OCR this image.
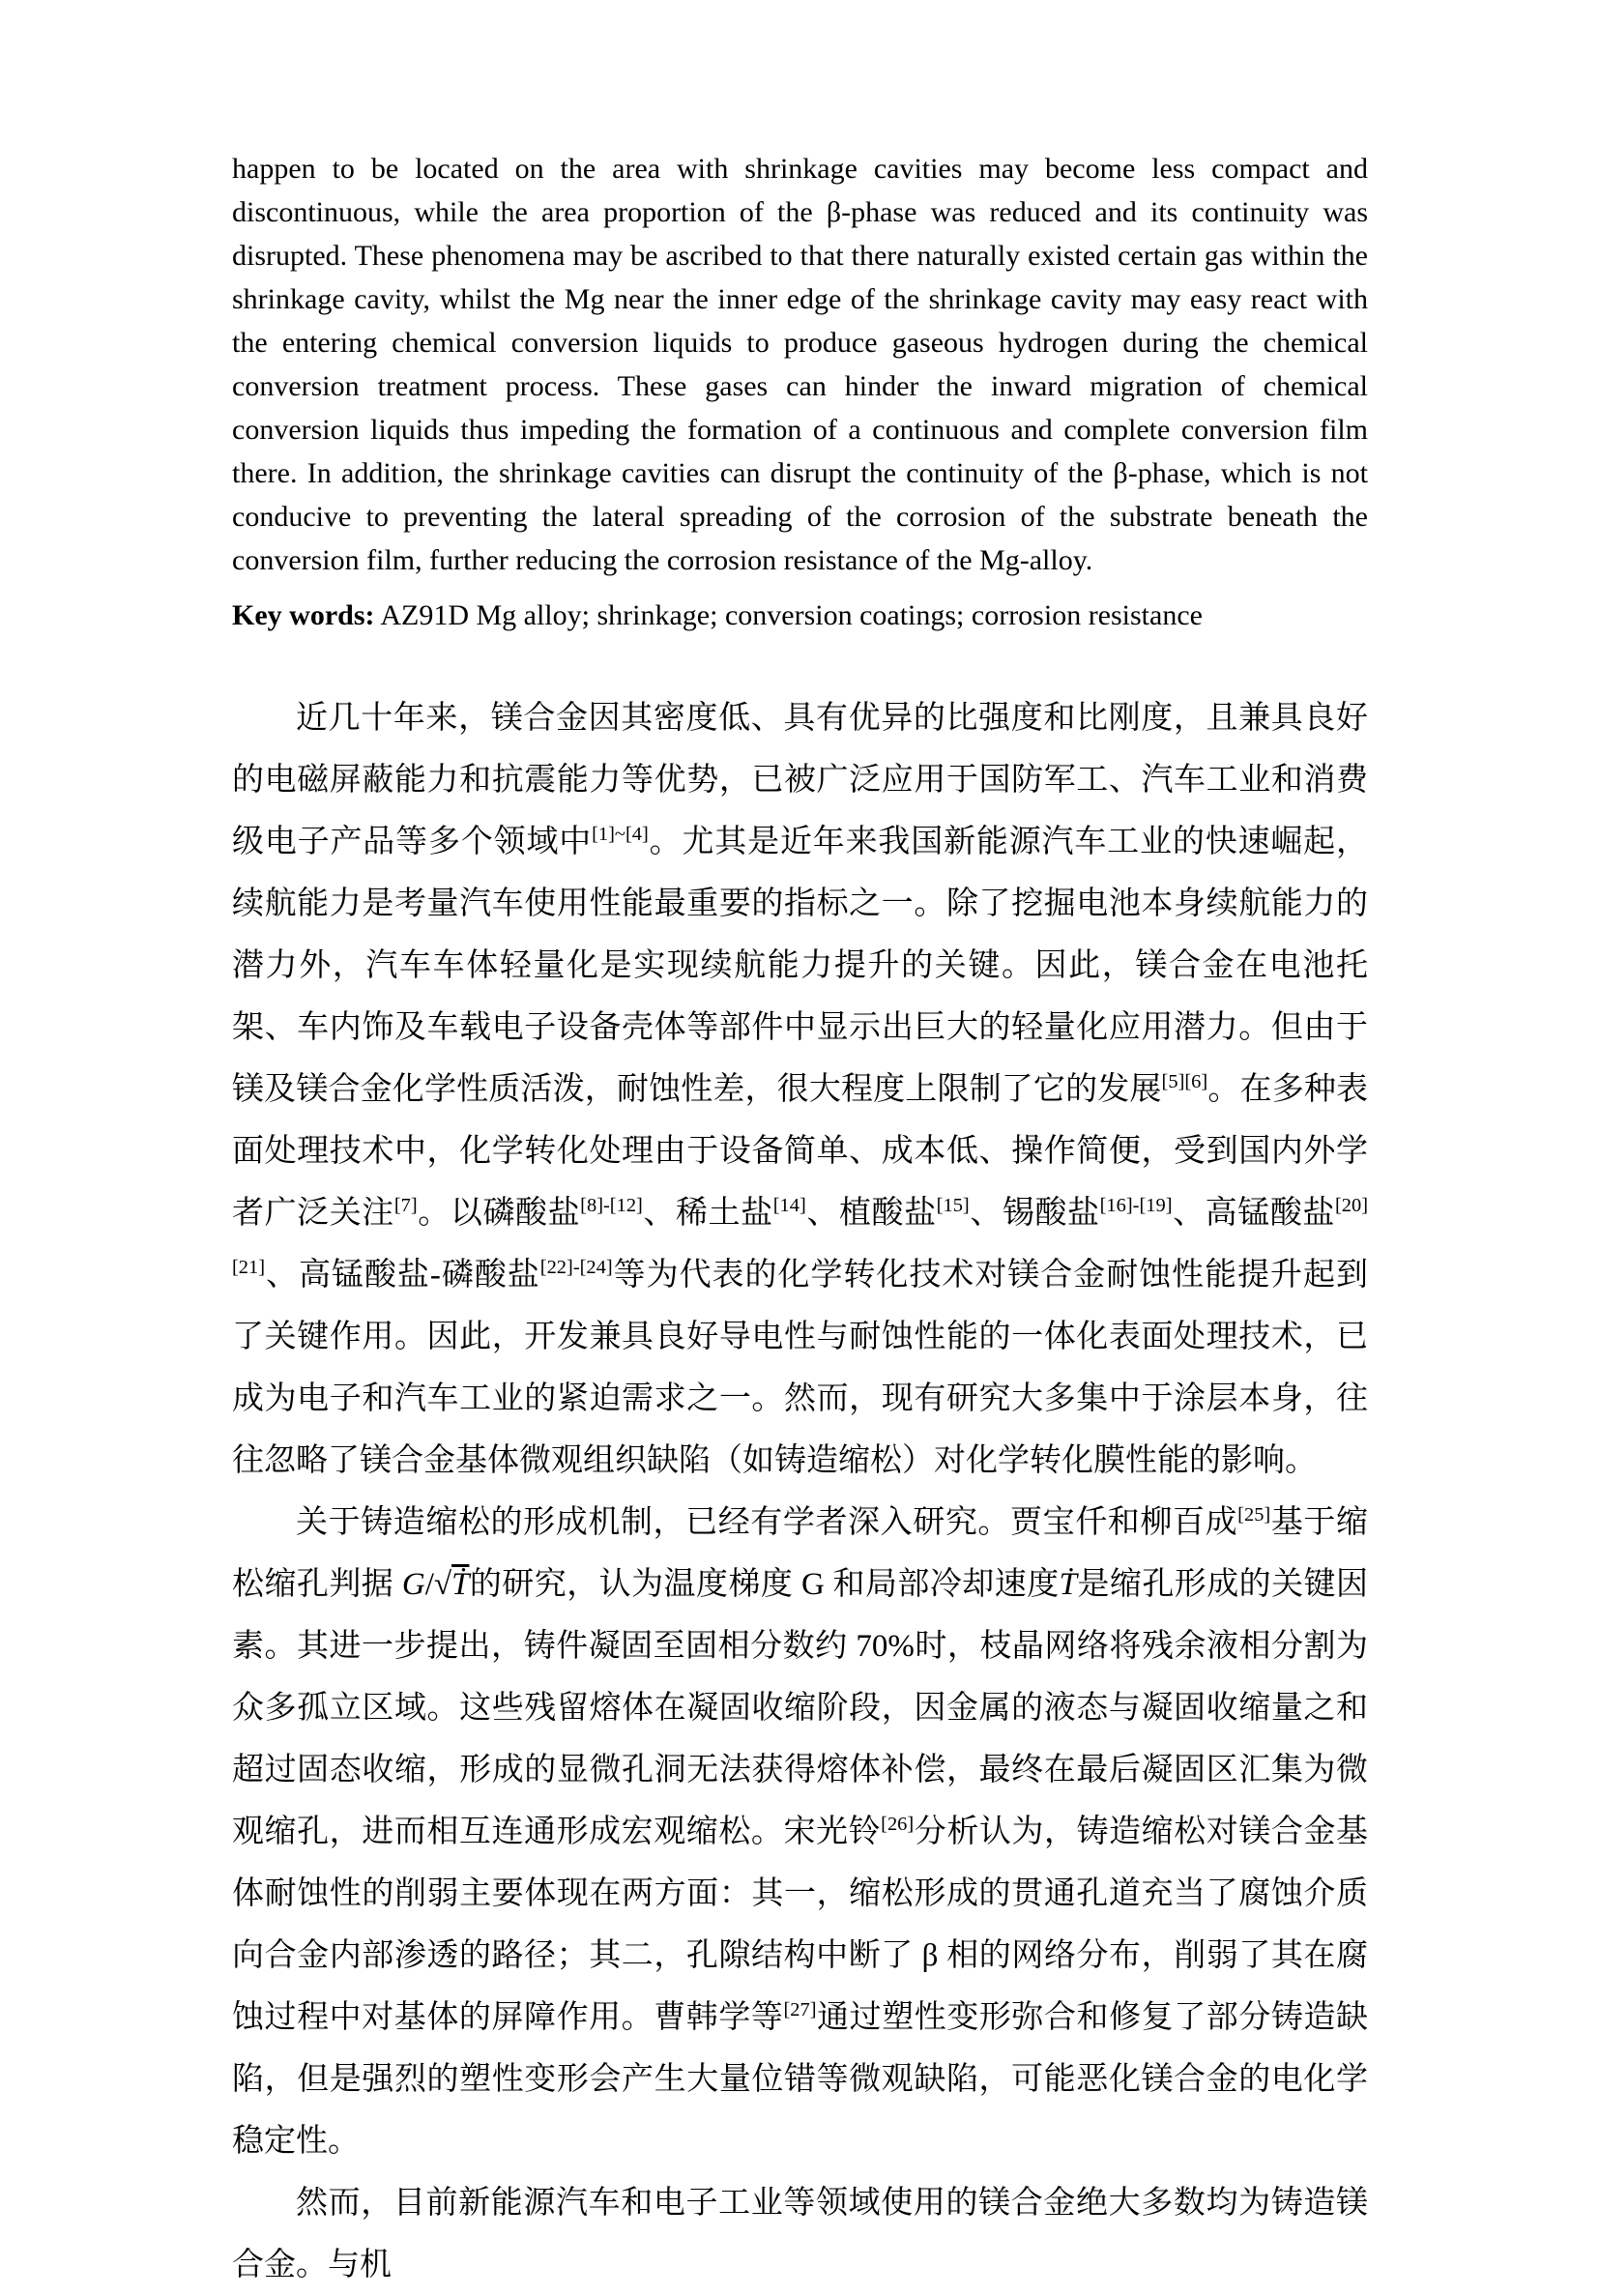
happen to be located on the area with shrinkage cavities may become less compact and discontinuous, while the area proportion of the β-phase was reduced and its continuity was disrupted. These phenomena may be ascribed to that there naturally existed certain gas within the shrinkage cavity, whilst the Mg near the inner edge of the shrinkage cavity may easy react with the entering chemical conversion liquids to produce gaseous hydrogen during the chemical conversion treatment process. These gases can hinder the inward migration of chemical conversion liquids thus impeding the formation of a continuous and complete conversion film there. In addition, the shrinkage cavities can disrupt the continuity of the β-phase, which is not conducive to preventing the lateral spreading of the corrosion of the substrate beneath the conversion film, further reducing the corrosion resistance of the Mg-alloy.

Key words: AZ91D Mg alloy; shrinkage; conversion coatings; corrosion resistance

近几十年来，镁合金因其密度低、具有优异的比强度和比刚度，且兼具良好的电磁屏蔽能力和抗震能力等优势，已被广泛应用于国防军工、汽车工业和消费级电子产品等多个领域中[1]~[4]。尤其是近年来我国新能源汽车工业的快速崛起，续航能力是考量汽车使用性能最重要的指标之一。除了挖掘电池本身续航能力的潜力外，汽车车体轻量化是实现续航能力提升的关键。因此，镁合金在电池托架、车内饰及车载电子设备壳体等部件中显示出巨大的轻量化应用潜力。但由于镁及镁合金化学性质活泼，耐蚀性差，很大程度上限制了它的发展[5][6]。在多种表面处理技术中，化学转化处理由于设备简单、成本低、操作简便，受到国内外学者广泛关注[7]。以磷酸盐[8]-[12]、稀土盐[14]、植酸盐[15]、锡酸盐[16]-[19]、高锰酸盐[20][21]、高锰酸盐-磷酸盐[22]-[24]等为代表的化学转化技术对镁合金耐蚀性能提升起到了关键作用。因此，开发兼具良好导电性与耐蚀性能的一体化表面处理技术，已成为电子和汽车工业的紧迫需求之一。然而，现有研究大多集中于涂层本身，往往忽略了镁合金基体微观组织缺陷（如铸造缩松）对化学转化膜性能的影响。

关于铸造缩松的形成机制，已经有学者深入研究。贾宝仟和柳百成[25]基于缩松缩孔判据 G/√Ṫ的研究，认为温度梯度 G 和局部冷却速度Ṫ是缩孔形成的关键因素。其进一步提出，铸件凝固至固相分数约 70%时，枝晶网络将残余液相分割为众多孤立区域。这些残留熔体在凝固收缩阶段，因金属的液态与凝固收缩量之和超过固态收缩，形成的显微孔洞无法获得熔体补偿，最终在最后凝固区汇集为微观缩孔，进而相互连通形成宏观缩松。宋光铃[26]分析认为，铸造缩松对镁合金基体耐蚀性的削弱主要体现在两方面：其一，缩松形成的贯通孔道充当了腐蚀介质向合金内部渗透的路径；其二，孔隙结构中断了 β 相的网络分布，削弱了其在腐蚀过程中对基体的屏障作用。曹韩学等[27]通过塑性变形弥合和修复了部分铸造缺陷，但是强烈的塑性变形会产生大量位错等微观缺陷，可能恶化镁合金的电化学稳定性。

然而，目前新能源汽车和电子工业等领域使用的镁合金绝大多数均为铸造镁合金。与机
